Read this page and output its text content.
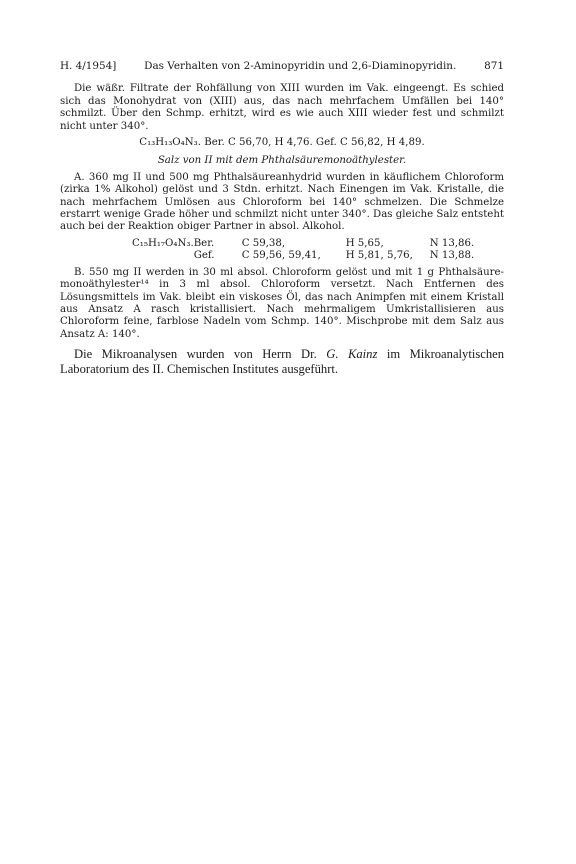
H. 4/1954]	Das Verhalten von 2-Aminopyridin und 2,6-Diaminopyridin.	871

Die wäßr. Filtrate der Rohfällung von XIII wurden im Vak. eingeengt. Es schied sich das Monohydrat von (XIII) aus, das nach mehrfachem Umfällen bei 140° schmilzt. Über den Schmp. erhitzt, wird es wie auch XIII wieder fest und schmilzt nicht unter 340°.

C₁₃H₁₃O₄N₃. Ber. C 56,70, H 4,76. Gef. C 56,82, H 4,89.
Salz von II mit dem Phthalsäuremonoäthylester.

A. 360 mg II und 500 mg Phthalsäureanhydrid wurden in käuflichem Chloroform (zirka 1% Alkohol) gelöst und 3 Stdn. erhitzt. Nach Einengen im Vak. Kristalle, die nach mehrfachem Umlösen aus Chloroform bei 140° schmelzen. Die Schmelze erstarrt wenige Grade höher und schmilzt nicht unter 340°. Das gleiche Salz entsteht auch bei der Reaktion obiger Partner in absol. Alkohol.

C₁₅H₁₇O₄N₃.	Ber.	C 59,38,	H 5,65,	N 13,86.
	Gef.	C 59,56, 59,41,	H 5,81, 5,76,	N 13,88.

B. 550 mg II werden in 30 ml absol. Chloroform gelöst und mit 1 g Phthalsäure-monoäthylester¹⁴ in 3 ml absol. Chloroform versetzt. Nach Entfernen des Lösungsmittels im Vak. bleibt ein viskoses Öl, das nach Animpfen mit einem Kristall aus Ansatz A rasch kristallisiert. Nach mehrmaligem Umkristallisieren aus Chloroform feine, farblose Nadeln vom Schmp. 140°. Mischprobe mit dem Salz aus Ansatz A: 140°.

Die Mikroanalysen wurden von Herrn Dr. G. Kainz im Mikroanalytischen Laboratorium des II. Chemischen Institutes ausgeführt.
